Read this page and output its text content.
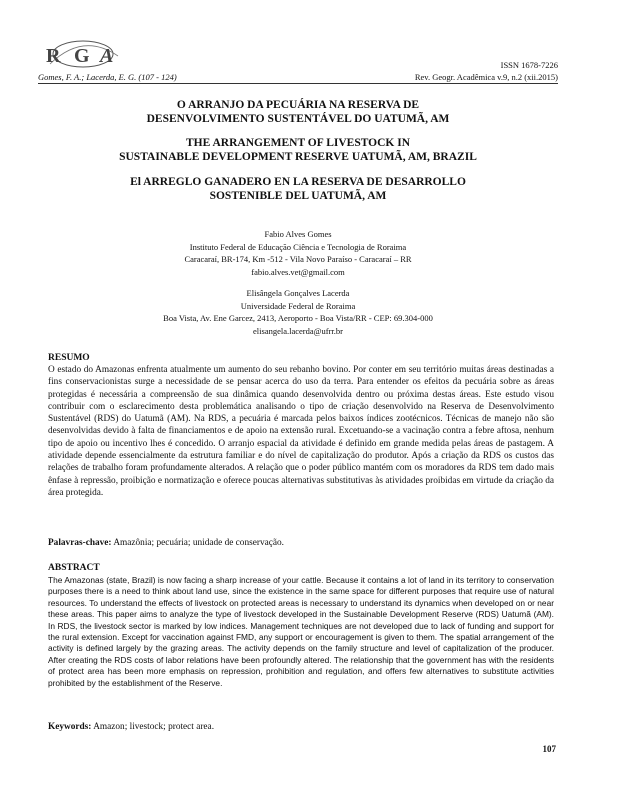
R G A	ISSN 1678-7226
Gomes, F. A.; Lacerda, E. G. (107 - 124)	Rev. Geogr. Acadêmica v.9, n.2 (xii.2015)
O ARRANJO DA PECUÁRIA NA RESERVA DE
DESENVOLVIMENTO SUSTENTÁVEL DO UATUMÃ, AM
THE ARRANGEMENT OF LIVESTOCK IN
SUSTAINABLE DEVELOPMENT RESERVE UATUMÃ, AM, BRAZIL
El ARREGLO GANADERO EN LA RESERVA DE DESARROLLO
SOSTENIBLE DEL UATUMÃ, AM
Fabio Alves Gomes
Instituto Federal de Educação Ciência e Tecnologia de Roraima
Caracaraí, BR-174, Km -512 - Vila Novo Paraíso - Caracaraí – RR
fabio.alves.vet@gmail.com
Elisângela Gonçalves Lacerda
Universidade Federal de Roraima
Boa Vista, Av. Ene Garcez, 2413, Aeroporto - Boa Vista/RR - CEP: 69.304-000
elisangela.lacerda@ufrr.br
RESUMO
O estado do Amazonas enfrenta atualmente um aumento do seu rebanho bovino. Por conter em seu território muitas áreas destinadas a fins conservacionistas surge a necessidade de se pensar acerca do uso da terra. Para entender os efeitos da pecuária sobre as áreas protegidas é necessária a compreensão de sua dinâmica quando desenvolvida dentro ou próxima destas áreas. Este estudo visou contribuir com o esclarecimento desta problemática analisando o tipo de criação desenvolvido na Reserva de Desenvolvimento Sustentável (RDS) do Uatumã (AM). Na RDS, a pecuária é marcada pelos baixos índices zootécnicos. Técnicas de manejo não são desenvolvidas devido à falta de financiamentos e de apoio na extensão rural. Excetuando-se a vacinação contra a febre aftosa, nenhum tipo de apoio ou incentivo lhes é concedido. O arranjo espacial da atividade é definido em grande medida pelas áreas de pastagem. A atividade depende essencialmente da estrutura familiar e do nível de capitalização do produtor. Após a criação da RDS os custos das relações de trabalho foram profundamente alterados. A relação que o poder público mantém com os moradores da RDS tem dado mais ênfase à repressão, proibição e normatização e oferece poucas alternativas substitutivas às atividades proibidas em virtude da criação da área protegida.
Palavras-chave: Amazônia; pecuária; unidade de conservação.
ABSTRACT
The Amazonas (state, Brazil) is now facing a sharp increase of your cattle. Because it contains a lot of land in its territory to conservation purposes there is a need to think about land use, since the existence in the same space for different purposes that require use of natural resources. To understand the effects of livestock on protected areas is necessary to understand its dynamics when developed on or near these areas. This paper aims to analyze the type of livestock developed in the Sustainable Development Reserve (RDS) Uatumã (AM). In RDS, the livestock sector is marked by low indices. Management techniques are not developed due to lack of funding and support for the rural extension. Except for vaccination against FMD, any support or encouragement is given to them. The spatial arrangement of the activity is defined largely by the grazing areas. The activity depends on the family structure and level of capitalization of the producer. After creating the RDS costs of labor relations have been profoundly altered. The relationship that the government has with the residents of protect area has been more emphasis on repression, prohibition and regulation, and offers few alternatives to substitute activities prohibited by the establishment of the Reserve.
Keywords: Amazon; livestock; protect area.
107
